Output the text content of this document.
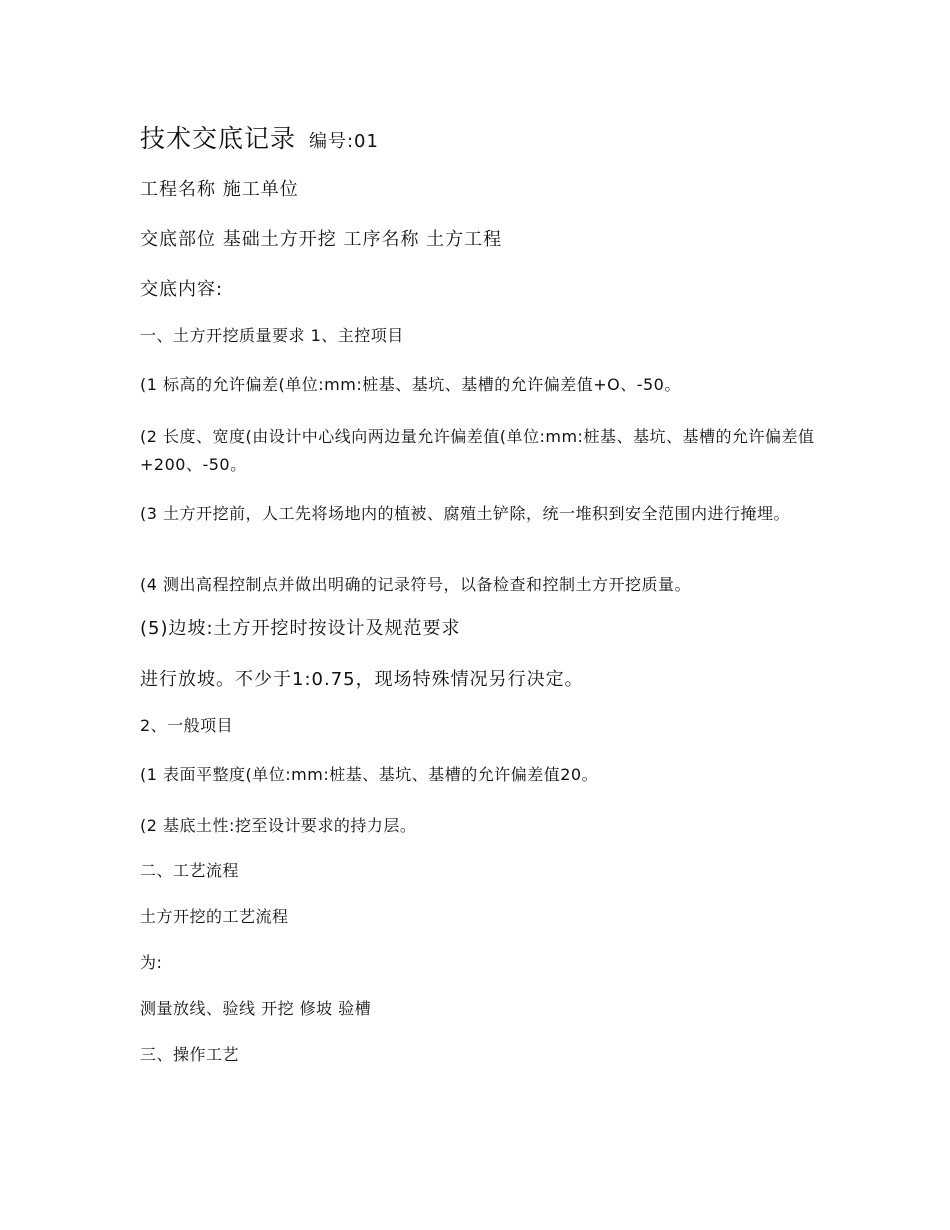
技术交底记录 编号:01
工程名称 施工单位
交底部位 基础土方开挖 工序名称 土方工程
交底内容:
一、土方开挖质量要求 1、主控项目
(1 标高的允许偏差(单位:mm:桩基、基坑、基槽的允许偏差值+O、-50。
(2 长度、宽度(由设计中心线向两边量允许偏差值(单位:mm:桩基、基坑、基槽的允许偏差值+200、-50。
(3 土方开挖前，人工先将场地内的植被、腐殖土铲除，统一堆积到安全范围内进行掩埋。
(4 测出高程控制点并做出明确的记录符号，以备检查和控制土方开挖质量。
(5)边坡:土方开挖时按设计及规范要求
进行放坡。不少于1:0.75，现场特殊情况另行决定。
2、一般项目
(1 表面平整度(单位:mm:桩基、基坑、基槽的允许偏差值20。
(2 基底土性:挖至设计要求的持力层。
二、工艺流程
土方开挖的工艺流程
为:
测量放线、验线 开挖 修坡 验槽
三、操作工艺
